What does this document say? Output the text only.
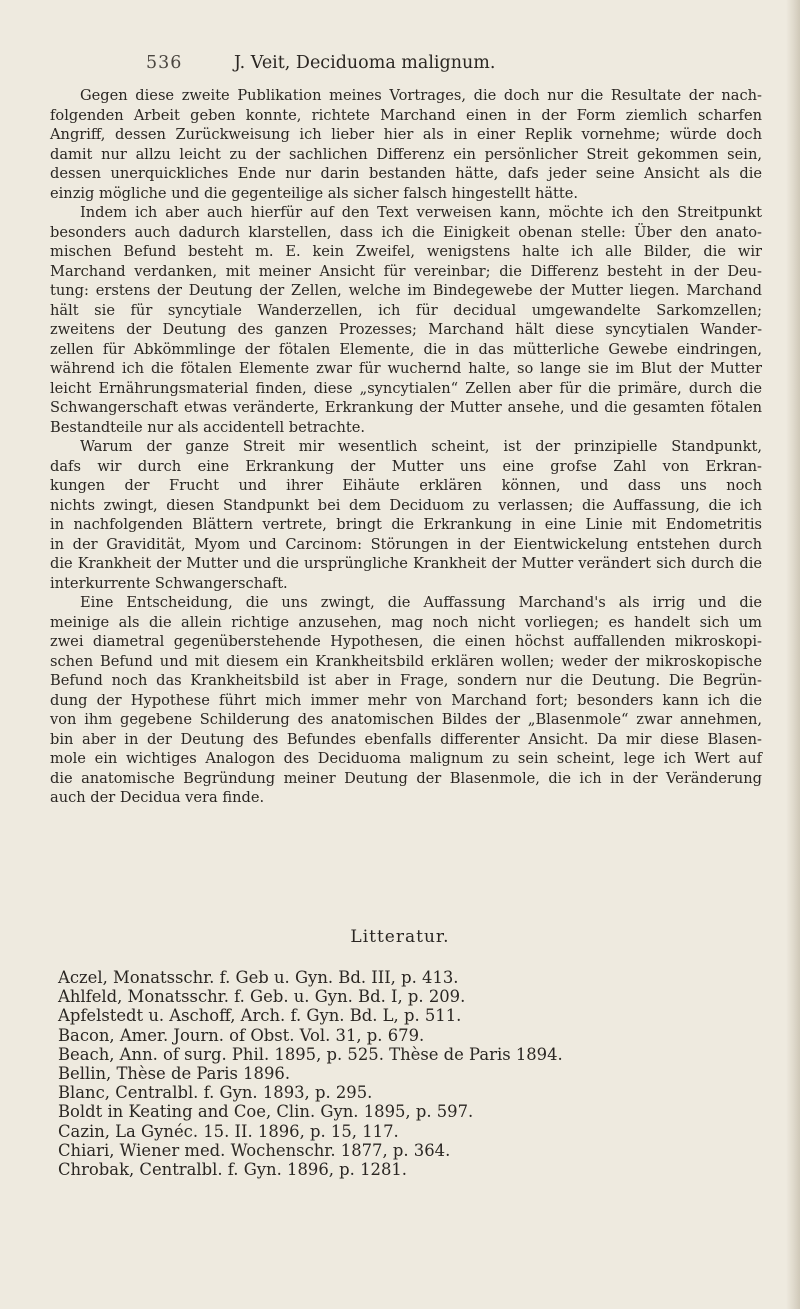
536	J. Veit, Deciduoma malignum.

Gegen diese zweite Publikation meines Vortrages, die doch nur die Resultate der nach-
folgenden Arbeit geben konnte, richtete Marchand einen in der Form ziemlich scharfen
Angriff, dessen Zurückweisung ich lieber hier als in einer Replik vornehme; würde doch
damit nur allzu leicht zu der sachlichen Differenz ein persönlicher Streit gekommen sein,
dessen unerquickliches Ende nur darin bestanden hätte, dafs jeder seine Ansicht als die
einzig mögliche und die gegenteilige als sicher falsch hingestellt hätte.

Indem ich aber auch hierfür auf den Text verweisen kann, möchte ich den Streitpunkt
besonders auch dadurch klarstellen, dass ich die Einigkeit obenan stelle: Über den anato-
mischen Befund besteht m. E. kein Zweifel, wenigstens halte ich alle Bilder, die wir
Marchand verdanken, mit meiner Ansicht für vereinbar; die Differenz besteht in der Deu-
tung: erstens der Deutung der Zellen, welche im Bindegewebe der Mutter liegen. Marchand
hält sie für syncytiale Wanderzellen, ich für decidual umgewandelte Sarkomzellen;
zweitens der Deutung des ganzen Prozesses; Marchand hält diese syncytialen Wander-
zellen für Abkömmlinge der fötalen Elemente, die in das mütterliche Gewebe eindringen,
während ich die fötalen Elemente zwar für wuchernd halte, so lange sie im Blut der Mutter
leicht Ernährungsmaterial finden, diese „syncytialen“ Zellen aber für die primäre, durch die
Schwangerschaft etwas veränderte, Erkrankung der Mutter ansehe, und die gesamten fötalen
Bestandteile nur als accidentell betrachte.

Warum der ganze Streit mir wesentlich scheint, ist der prinzipielle Standpunkt,
dafs wir durch eine Erkrankung der Mutter uns eine grofse Zahl von Erkran-
kungen der Frucht und ihrer Eihäute erklären können, und dass uns noch
nichts zwingt, diesen Standpunkt bei dem Deciduom zu verlassen; die Auffassung, die ich
in nachfolgenden Blättern vertrete, bringt die Erkrankung in eine Linie mit Endometritis
in der Gravidität, Myom und Carcinom: Störungen in der Eientwickelung entstehen durch
die Krankheit der Mutter und die ursprüngliche Krankheit der Mutter verändert sich durch die
interkurrente Schwangerschaft.

Eine Entscheidung, die uns zwingt, die Auffassung Marchand's als irrig und die
meinige als die allein richtige anzusehen, mag noch nicht vorliegen; es handelt sich um
zwei diametral gegenüberstehende Hypothesen, die einen höchst auffallenden mikroskopi-
schen Befund und mit diesem ein Krankheitsbild erklären wollen; weder der mikroskopische
Befund noch das Krankheitsbild ist aber in Frage, sondern nur die Deutung. Die Begrün-
dung der Hypothese führt mich immer mehr von Marchand fort; besonders kann ich die
von ihm gegebene Schilderung des anatomischen Bildes der „Blasenmole“ zwar annehmen,
bin aber in der Deutung des Befundes ebenfalls differenter Ansicht. Da mir diese Blasen-
mole ein wichtiges Analogon des Deciduoma malignum zu sein scheint, lege ich Wert auf
die anatomische Begründung meiner Deutung der Blasenmole, die ich in der Veränderung
auch der Decidua vera finde.

Litteratur.
Aczel, Monatsschr. f. Geb u. Gyn. Bd. III, p. 413.
Ahlfeld, Monatsschr. f. Geb. u. Gyn. Bd. I, p. 209.
Apfelstedt u. Aschoff, Arch. f. Gyn. Bd. L, p. 511.
Bacon, Amer. Journ. of Obst. Vol. 31, p. 679.
Beach, Ann. of surg. Phil. 1895, p. 525. Thèse de Paris 1894.
Bellin, Thèse de Paris 1896.
Blanc, Centralbl. f. Gyn. 1893, p. 295.
Boldt in Keating and Coe, Clin. Gyn. 1895, p. 597.
Cazin, La Gynéc. 15. II. 1896, p. 15, 117.
Chiari, Wiener med. Wochenschr. 1877, p. 364.
Chrobak, Centralbl. f. Gyn. 1896, p. 1281.
